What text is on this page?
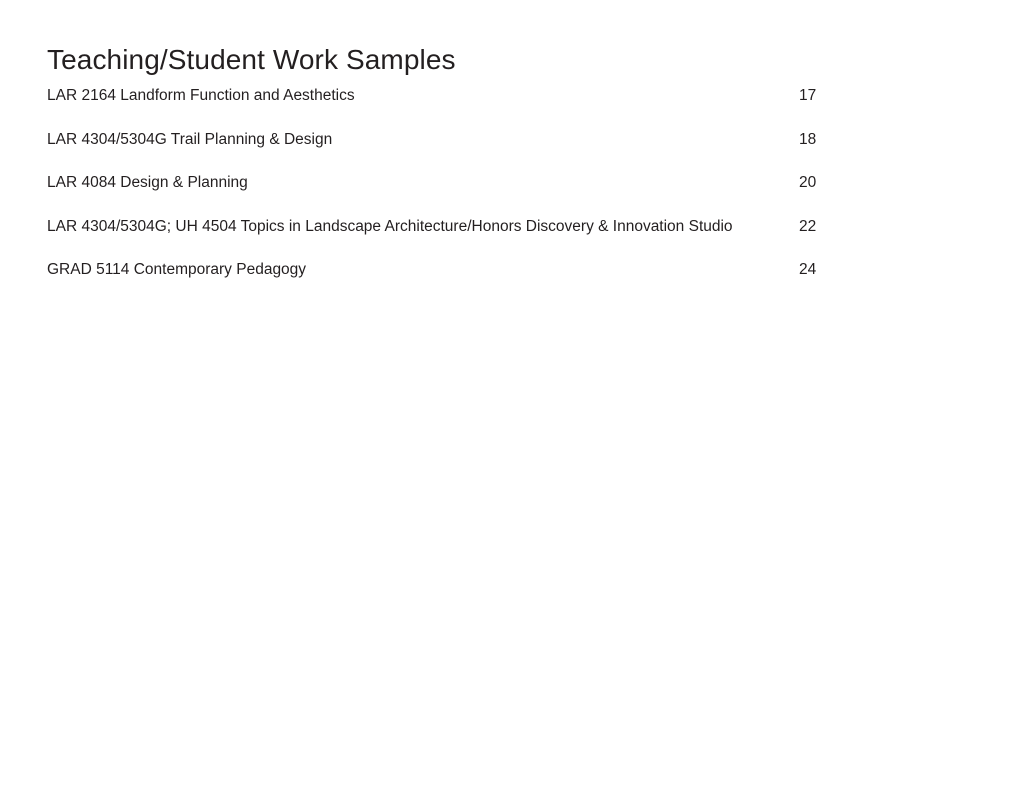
Teaching/Student Work Samples
LAR 2164 Landform Function and Aesthetics	17
LAR 4304/5304G Trail Planning & Design	18
LAR 4084 Design & Planning	20
LAR 4304/5304G; UH 4504 Topics in Landscape Architecture/Honors Discovery & Innovation Studio	22
GRAD 5114 Contemporary Pedagogy	24
